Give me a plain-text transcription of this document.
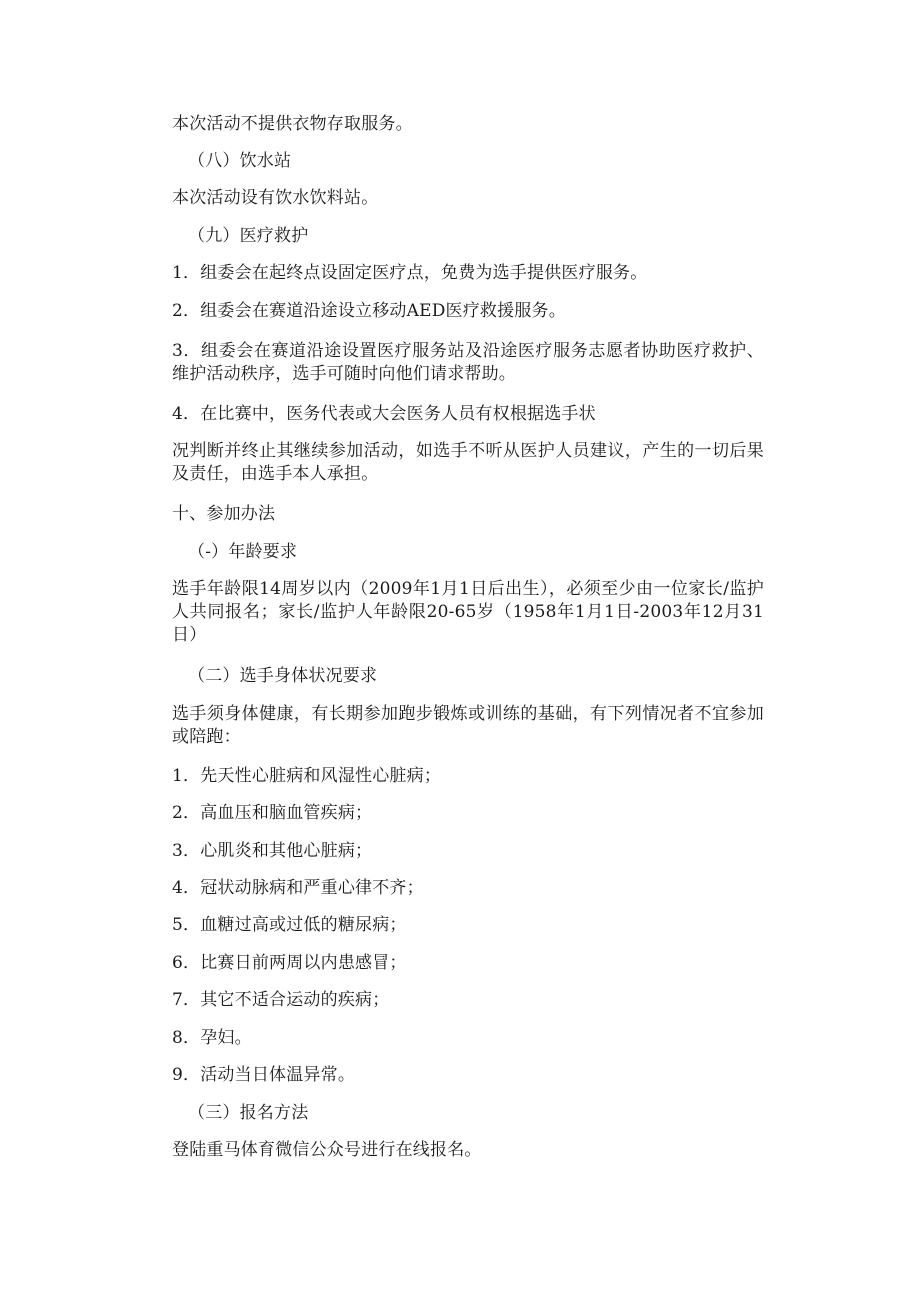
本次活动不提供衣物存取服务。
（八）饮水站
本次活动设有饮水饮料站。
（九）医疗救护
1．组委会在起终点设固定医疗点，免费为选手提供医疗服务。
2．组委会在赛道沿途设立移动AED医疗救援服务。
3．组委会在赛道沿途设置医疗服务站及沿途医疗服务志愿者协助医疗救护、维护活动秩序，选手可随时向他们请求帮助。
4．在比赛中，医务代表或大会医务人员有权根据选手状
况判断并终止其继续参加活动，如选手不听从医护人员建议，产生的一切后果及责任，由选手本人承担。
十、参加办法
（-）年龄要求
选手年龄限14周岁以内（2009年1月1日后出生），必须至少由一位家长/监护人共同报名；家长/监护人年龄限20-65岁（1958年1月1日-2003年12月31日）
（二）选手身体状况要求
选手须身体健康，有长期参加跑步锻炼或训练的基础，有下列情况者不宜参加或陪跑：
1．先天性心脏病和风湿性心脏病；
2．高血压和脑血管疾病；
3．心肌炎和其他心脏病；
4．冠状动脉病和严重心律不齐；
5．血糖过高或过低的糖尿病；
6．比赛日前两周以内患感冒；
7．其它不适合运动的疾病；
8．孕妇。
9．活动当日体温异常。
（三）报名方法
登陆重马体育微信公众号进行在线报名。
